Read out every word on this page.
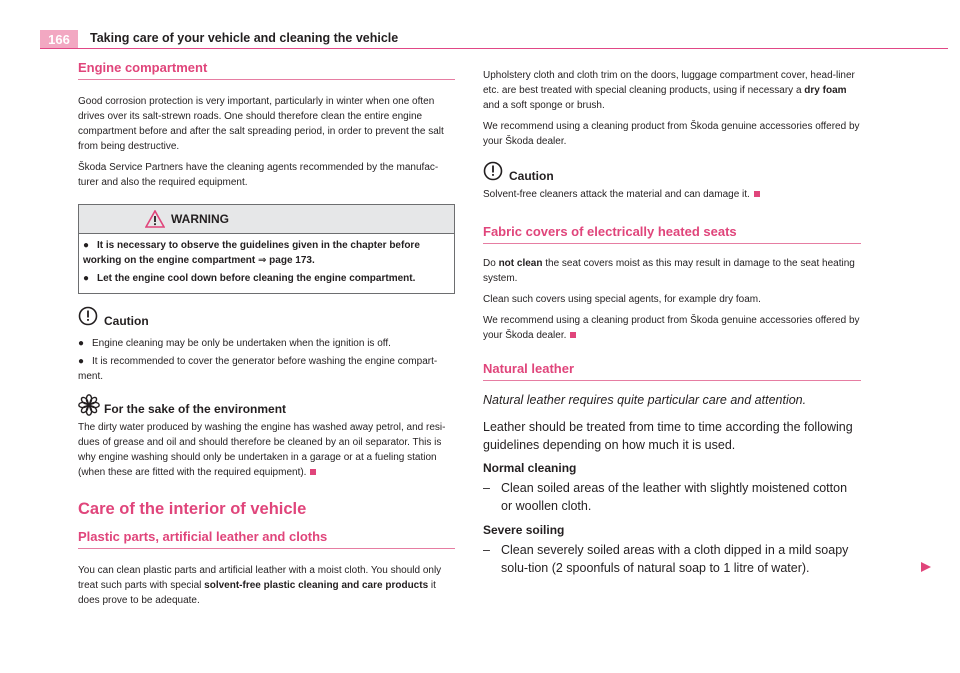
166	Taking care of your vehicle and cleaning the vehicle
Engine compartment

Good corrosion protection is very important, particularly in winter when one often drives over its salt-strewn roads. One should therefore clean the entire engine compartment before and after the salt spreading period, in order to prevent the salt from being destructive.

Škoda Service Partners have the cleaning agents recommended by the manufac-turer and also the required equipment.

WARNING
● It is necessary to observe the guidelines given in the chapter before working on the engine compartment ⇒ page 173.
● Let the engine cool down before cleaning the engine compartment.
Caution
● Engine cleaning may be only be undertaken when the ignition is off.
● It is recommended to cover the generator before washing the engine compart-ment.
For the sake of the environment

The dirty water produced by washing the engine has washed away petrol, and resi-dues of grease and oil and should therefore be cleaned by an oil separator. This is why engine washing should only be undertaken in a garage or at a fueling station (when these are fitted with the required equipment).

Care of the interior of vehicle
Plastic parts, artificial leather and cloths

You can clean plastic parts and artificial leather with a moist cloth. You should only treat such parts with special solvent-free plastic cleaning and care products it does prove to be adequate.

Upholstery cloth and cloth trim on the doors, luggage compartment cover, head-liner etc. are best treated with special cleaning products, using if necessary a dry foam and a soft sponge or brush.

We recommend using a cleaning product from Škoda genuine accessories offered by your Škoda dealer.

Caution

Solvent-free cleaners attack the material and can damage it.

Fabric covers of electrically heated seats

Do not clean the seat covers moist as this may result in damage to the seat heating system.

Clean such covers using special agents, for example dry foam.

We recommend using a cleaning product from Škoda genuine accessories offered by your Škoda dealer.

Natural leather

Natural leather requires quite particular care and attention.

Leather should be treated from time to time according the following guidelines depending on how much it is used.

Normal cleaning
– Clean soiled areas of the leather with slightly moistened cotton or woollen cloth.
Severe soiling
– Clean severely soiled areas with a cloth dipped in a mild soapy solu-tion (2 spoonfuls of natural soap to 1 litre of water).
